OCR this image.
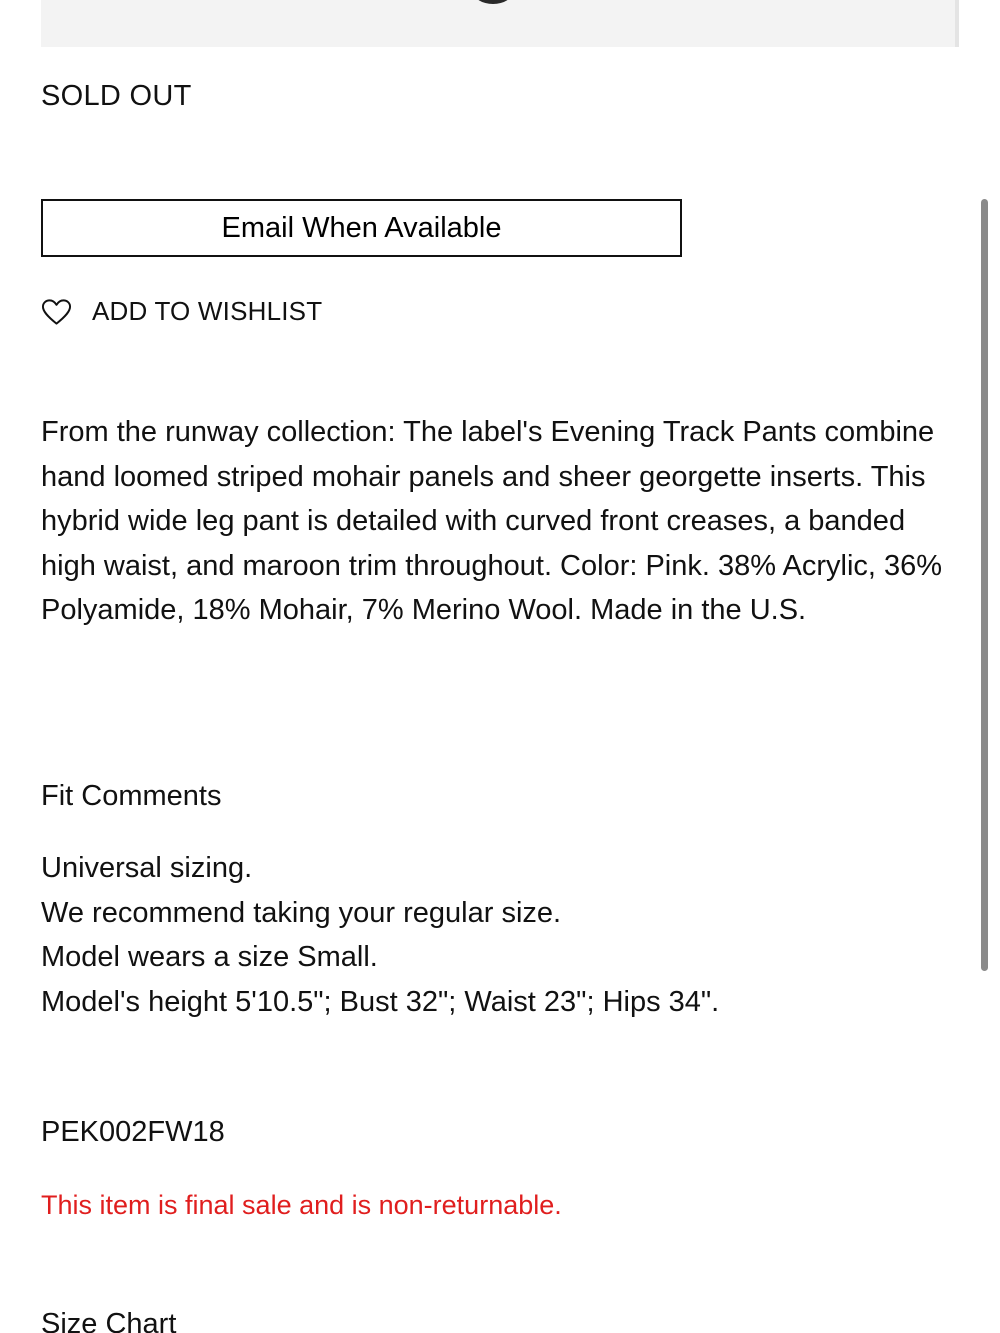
SOLD OUT
Email When Available
ADD TO WISHLIST

From the runway collection: The label's Evening Track Pants combine hand loomed striped mohair panels and sheer georgette inserts. This hybrid wide leg pant is detailed with curved front creases, a banded high waist, and maroon trim throughout. Color: Pink. 38% Acrylic, 36% Polyamide, 18% Mohair, 7% Merino Wool. Made in the U.S.

Fit Comments
Universal sizing.
We recommend taking your regular size.
Model wears a size Small.
Model's height 5'10.5"; Bust 32"; Waist 23"; Hips 34".
PEK002FW18
This item is final sale and is non-returnable.
Size Chart
